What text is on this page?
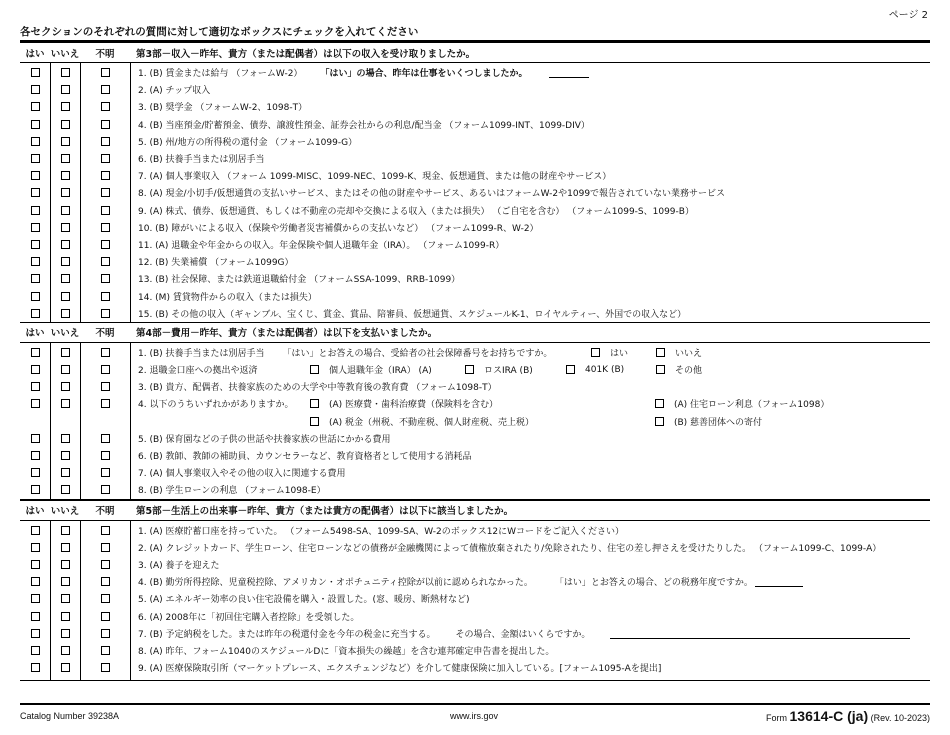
ページ 2
各セクションのそれぞれの質問に対して適切なボックスにチェックを入れてください
はい いいえ	不明	第3部－収入－昨年、貴方（または配偶者）は以下の収入を受け取りましたか。
1. (B) 賃金または給与 （フォームW-2） 「はい」の場合、昨年は仕事をいくつしましたか。
2. (A) チップ収入
3. (B) 奨学金 （フォームW-2、1098-T）
4. (B) 当座預金/貯蓄預金、債券、譲渡性預金、証券会社からの利息/配当金 （フォーム1099-INT、1099-DIV）
5. (B) 州/地方の所得税の還付金 （フォーム1099-G）
6. (B) 扶養手当または別居手当
7. (A) 個人事業収入 （フォーム 1099-MISC、1099-NEC、1099-K、現金、仮想通貨、または他の財産やサービス）
8. (A) 現金/小切手/仮想通貨の支払いサービス、またはその他の財産やサービス、あるいはフォームW-2や1099で報告されていない業務サービス
9. (A) 株式、債券、仮想通貨、もしくは不動産の売却や交換による収入（または損失） （ご自宅を含む） （フォーム1099-S、1099-B）
10. (B) 障がいによる収入（保険や労働者災害補償からの支払いなど） （フォーム1099-R、W-2）
11. (A) 退職金や年金からの収入。年金保険や個人退職年金（IRA）。 （フォーム1099-R）
12. (B) 失業補償 （フォーム1099G）
13. (B) 社会保障、または鉄道退職給付金 （フォームSSA-1099、RRB-1099）
14. (M) 賃貸物件からの収入（または損失）
15. (B) その他の収入（ギャンブル、宝くじ、賞金、賞品、陪審員、仮想通貨、スケジュールK-1、ロイヤルティー、外国での収入など）
はい いいえ	不明	第4部－費用－昨年、貴方（または配偶者）は以下を支払いましたか。
1. (B) 扶養手当または別居手当 「はい」とお答えの場合、受給者の社会保障番号をお持ちですか。	はい	いいえ
2. 退職金口座への拠出や返済	個人退職年金（IRA） (A)	ロスIRA (B)	401K (B)	その他
3. (B) 貴方、配偶者、扶養家族のための大学や中等教育後の教育費 （フォーム1098-T）
4. 以下のうちいずれかがありますか。	(A) 医療費・歯科治療費（保険料を含む）	(A) 住宅ローン利息（フォーム1098）
(A) 税金（州税、不動産税、個人財産税、売上税）	(B) 慈善団体への寄付
5. (B) 保育園などの子供の世話や扶養家族の世話にかかる費用
6. (B) 教師、教師の補助員、カウンセラーなど、教育資格者として使用する消耗品
7. (A) 個人事業収入やその他の収入に関連する費用
8. (B) 学生ローンの利息 （フォーム1098-E）
はい いいえ	不明	第5部－生活上の出来事－昨年、貴方（または貴方の配偶者）は以下に該当しましたか。
1. (A) 医療貯蓄口座を持っていた。 （フォーム5498-SA、1099-SA、W-2のボックス12にWコードをご記入ください）
2. (A) クレジットカード、学生ローン、住宅ローンなどの債務が金融機関によって債権放棄されたり/免除されたり、住宅の差し押さえを受けたりした。 （フォーム1099-C、1099-A）
3. (A) 養子を迎えた
4. (B) 勤労所得控除、児童税控除、アメリカン・オポチュニティ控除が以前に認められなかった。 「はい」とお答えの場合、どの税務年度ですか。
5. (A) エネルギー効率の良い住宅設備を購入・設置した。(窓、暖房、断熱材など)
6. (A) 2008年に「初回住宅購入者控除」を受領した。
7. (B) 予定納税をした。または昨年の税還付金を今年の税金に充当する。 その場合、金額はいくらですか。
8. (A) 昨年、フォーム1040のスケジュールDに「資本損失の繰越」を含む連邦確定申告書を提出した。
9. (A) 医療保険取引所（マーケットプレース、エクスチェンジなど）を介して健康保険に加入している。[フォーム1095-Aを提出]
Catalog Number 39238A	www.irs.gov	Form 13614-C (ja) (Rev. 10-2023)
